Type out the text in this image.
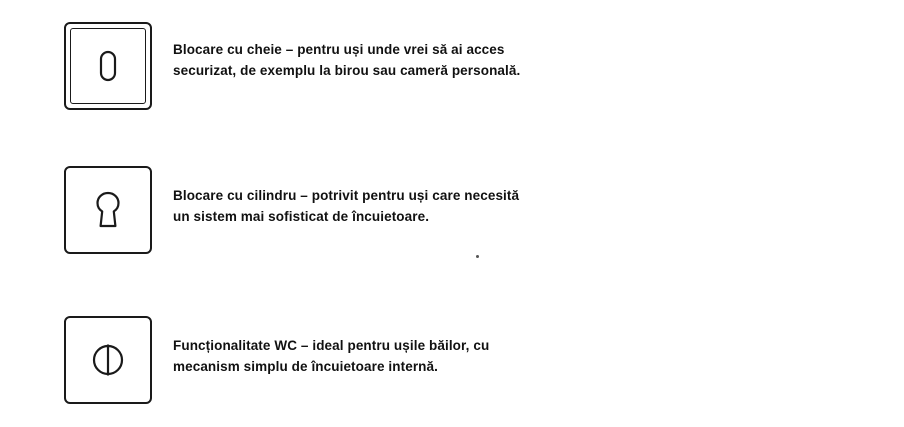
Blocare cu cheie – pentru uși unde vrei să ai acces
securizat, de exemplu la birou sau cameră personală.
Blocare cu cilindru – potrivit pentru uși care necesită
un sistem mai sofisticat de încuietoare.
Funcționalitate WC – ideal pentru ușile băilor, cu
mecanism simplu de încuietoare internă.
